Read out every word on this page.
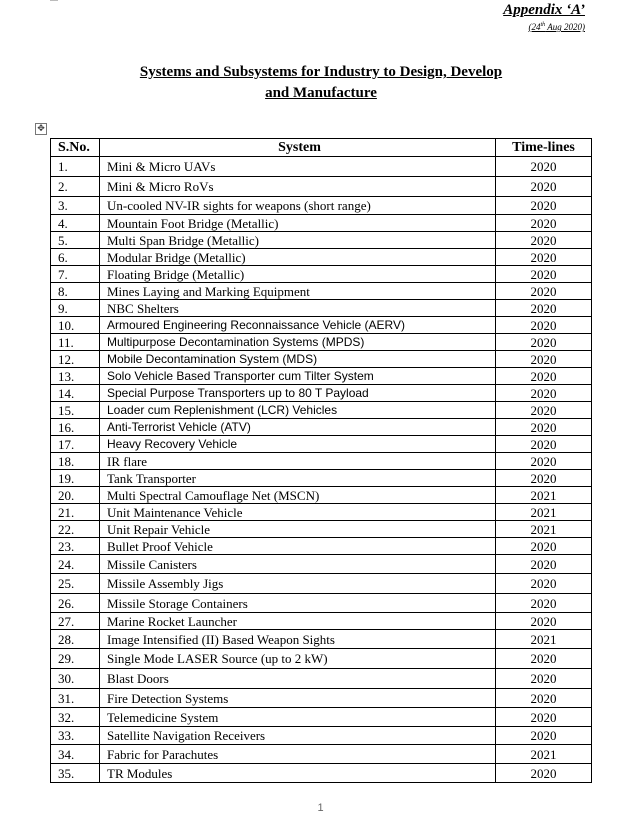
Appendix ‘A’
(24th Aug 2020)
Systems and Subsystems for Industry to Design, Develop
and Manufacture
✥
S.No.	System	Time-lines
1.	Mini & Micro UAVs	2020
2.	Mini & Micro RoVs	2020
3.	Un-cooled NV-IR sights for weapons (short range)	2020
4.	Mountain Foot Bridge (Metallic)	2020
5.	Multi Span Bridge (Metallic)	2020
6.	Modular Bridge (Metallic)	2020
7.	Floating Bridge (Metallic)	2020
8.	Mines Laying and Marking Equipment	2020
9.	NBC Shelters	2020
10.	Armoured Engineering Reconnaissance Vehicle (AERV)	2020
11.	Multipurpose Decontamination Systems (MPDS)	2020
12.	Mobile Decontamination System (MDS)	2020
13.	Solo Vehicle Based Transporter cum Tilter System	2020
14.	Special Purpose Transporters up to 80 T Payload	2020
15.	Loader cum Replenishment (LCR) Vehicles	2020
16.	Anti-Terrorist Vehicle (ATV)	2020
17.	Heavy Recovery Vehicle	2020
18.	IR flare	2020
19.	Tank Transporter	2020
20.	Multi Spectral Camouflage Net (MSCN)	2021
21.	Unit Maintenance Vehicle	2021
22.	Unit Repair Vehicle	2021
23.	Bullet Proof Vehicle	2020
24.	Missile Canisters	2020
25.	Missile Assembly Jigs	2020
26.	Missile Storage Containers	2020
27.	Marine Rocket Launcher	2020
28.	Image Intensified (II) Based Weapon Sights	2021
29.	Single Mode LASER Source (up to 2 kW)	2020
30.	Blast Doors	2020
31.	Fire Detection Systems	2020
32.	Telemedicine System	2020
33.	Satellite Navigation Receivers	2020
34.	Fabric for Parachutes	2021
35.	TR Modules	2020
1
